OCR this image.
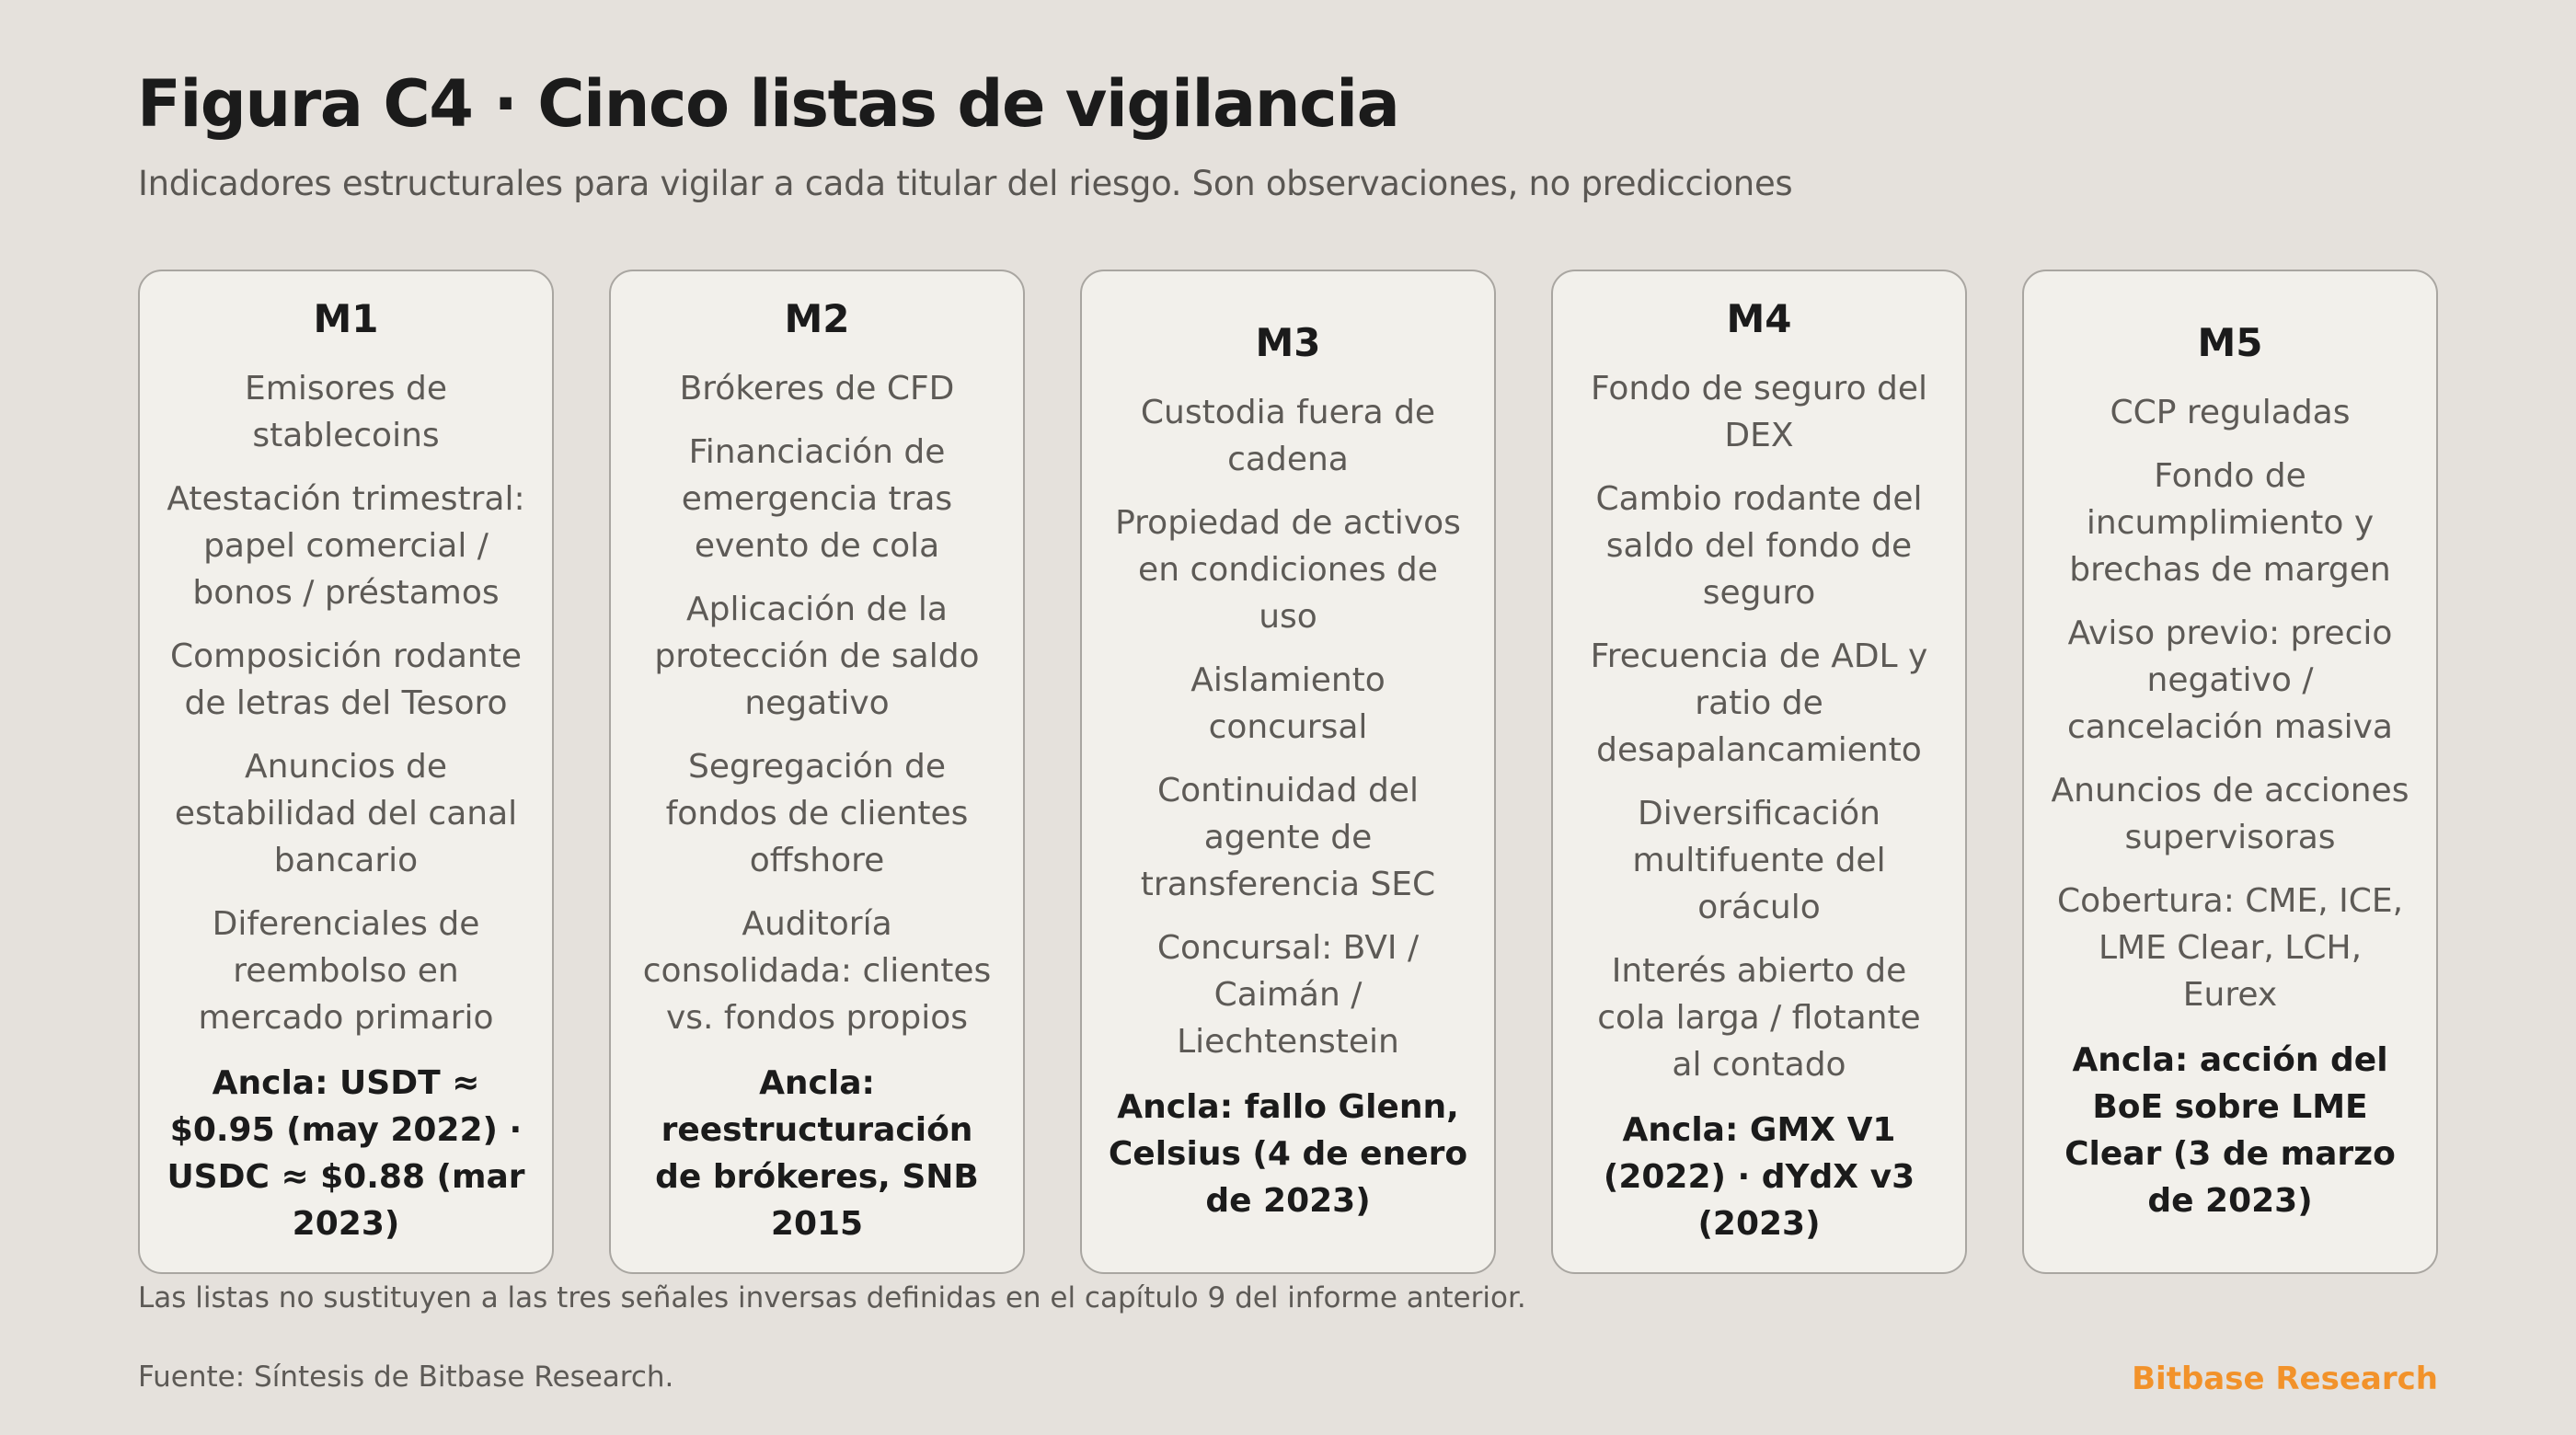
Figura C4 · Cinco listas de vigilancia

Indicadores estructurales para vigilar a cada titular del riesgo. Son observaciones, no predicciones

M1
Emisores de stablecoins
Atestación trimestral: papel comercial / bonos / préstamos
Composición rodante de letras del Tesoro
Anuncios de estabilidad del canal bancario
Diferenciales de reembolso en mercado primario
Ancla: USDT ≈ $0.95 (may 2022) · USDC ≈ $0.88 (mar 2023)
M2
Brókeres de CFD
Financiación de emergencia tras evento de cola
Aplicación de la protección de saldo negativo
Segregación de fondos de clientes offshore
Auditoría consolidada: clientes vs. fondos propios
Ancla: reestructuración de brókeres, SNB 2015
M3
Custodia fuera de cadena
Propiedad de activos en condiciones de uso
Aislamiento concursal
Continuidad del agente de transferencia SEC
Concursal: BVI / Caimán / Liechtenstein
Ancla: fallo Glenn, Celsius (4 de enero de 2023)
M4
Fondo de seguro del DEX
Cambio rodante del saldo del fondo de seguro
Frecuencia de ADL y ratio de desapalancamiento
Diversificación multifuente del oráculo
Interés abierto de cola larga / flotante al contado
Ancla: GMX V1 (2022) · dYdX v3 (2023)
M5
CCP reguladas
Fondo de incumplimiento y brechas de margen
Aviso previo: precio negativo / cancelación masiva
Anuncios de acciones supervisoras
Cobertura: CME, ICE, LME Clear, LCH, Eurex
Ancla: acción del BoE sobre LME Clear (3 de marzo de 2023)
Las listas no sustituyen a las tres señales inversas definidas en el capítulo 9 del informe anterior.
Fuente: Síntesis de Bitbase Research.	Bitbase Research
